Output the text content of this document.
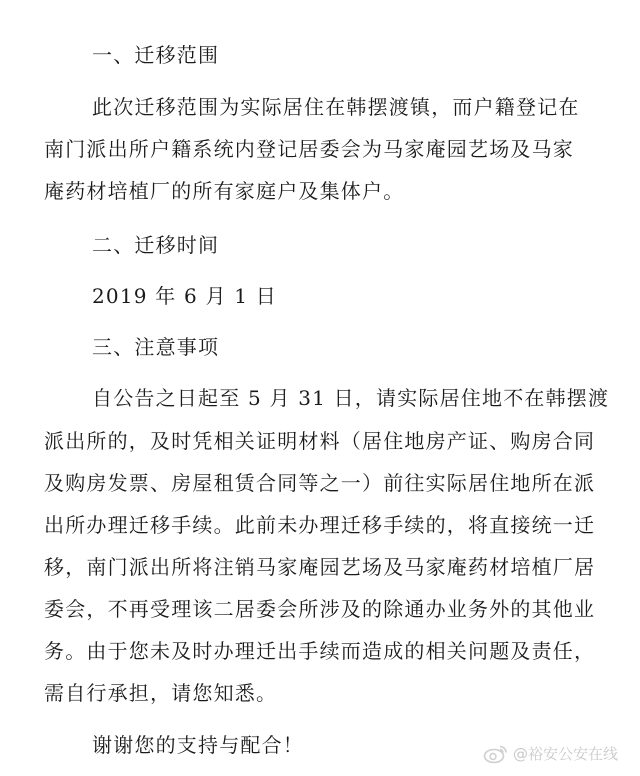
一、迁移范围

此次迁移范围为实际居住在韩摆渡镇，而户籍登记在

南门派出所户籍系统内登记居委会为马家庵园艺场及马家

庵药材培植厂的所有家庭户及集体户。

二、迁移时间

2019 年 6 月 1 日

三、注意事项

自公告之日起至 5 月 31 日，请实际居住地不在韩摆渡

派出所的，及时凭相关证明材料（居住地房产证、购房合同

及购房发票、房屋租赁合同等之一）前往实际居住地所在派

出所办理迁移手续。此前未办理迁移手续的，将直接统一迁

移，南门派出所将注销马家庵园艺场及马家庵药材培植厂居

委会，不再受理该二居委会所涉及的除通办业务外的其他业

务。由于您未及时办理迁出手续而造成的相关问题及责任，

需自行承担，请您知悉。

谢谢您的支持与配合！	@裕安公安在线
